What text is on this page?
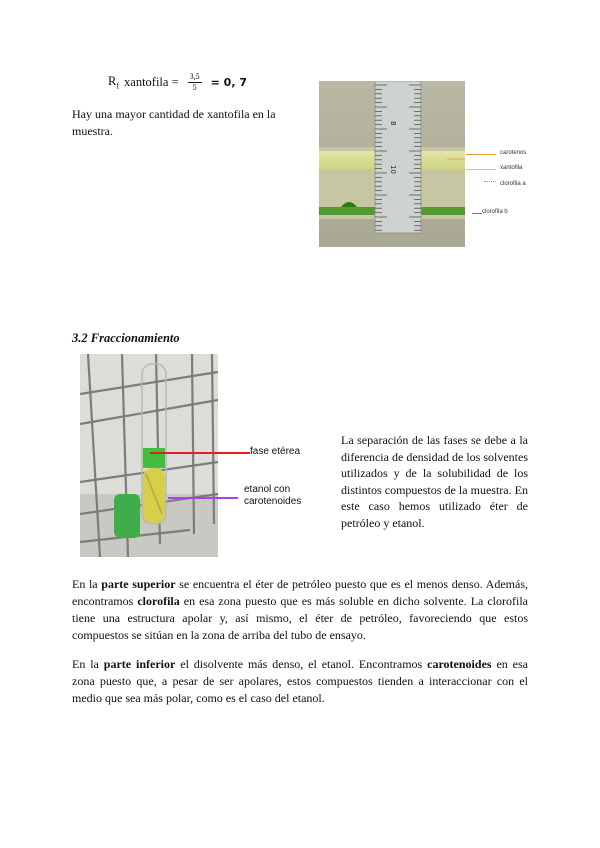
$R_f$ xantofila = $\frac{3,5}{5} = 0$, 7

Hay una mayor cantidad de xantofila en la muestra.

8
10
carotenos
xantofila
clorofila a
clorofila b
3.2 Fraccionamiento
fase etérea
etanol con
carotenoides

La separación de las fases se debe a la diferencia de densidad de los solventes utilizados y de la solubilidad de los distintos compuestos de la muestra. En este caso hemos utilizado éter de petróleo y etanol.

En la parte superior se encuentra el éter de petróleo puesto que es el menos denso. Además, encontramos clorofila en esa zona puesto que es más soluble en dicho solvente. La clorofila tiene una estructura apolar y, así mismo, el éter de petróleo, favoreciendo que estos compuestos se sitúan en la zona de arriba del tubo de ensayo.

En la parte inferior el disolvente más denso, el etanol. Encontramos carotenoides en esa zona puesto que, a pesar de ser apolares, estos compuestos tienden a interaccionar con el medio que sea más polar, como es el caso del etanol.
